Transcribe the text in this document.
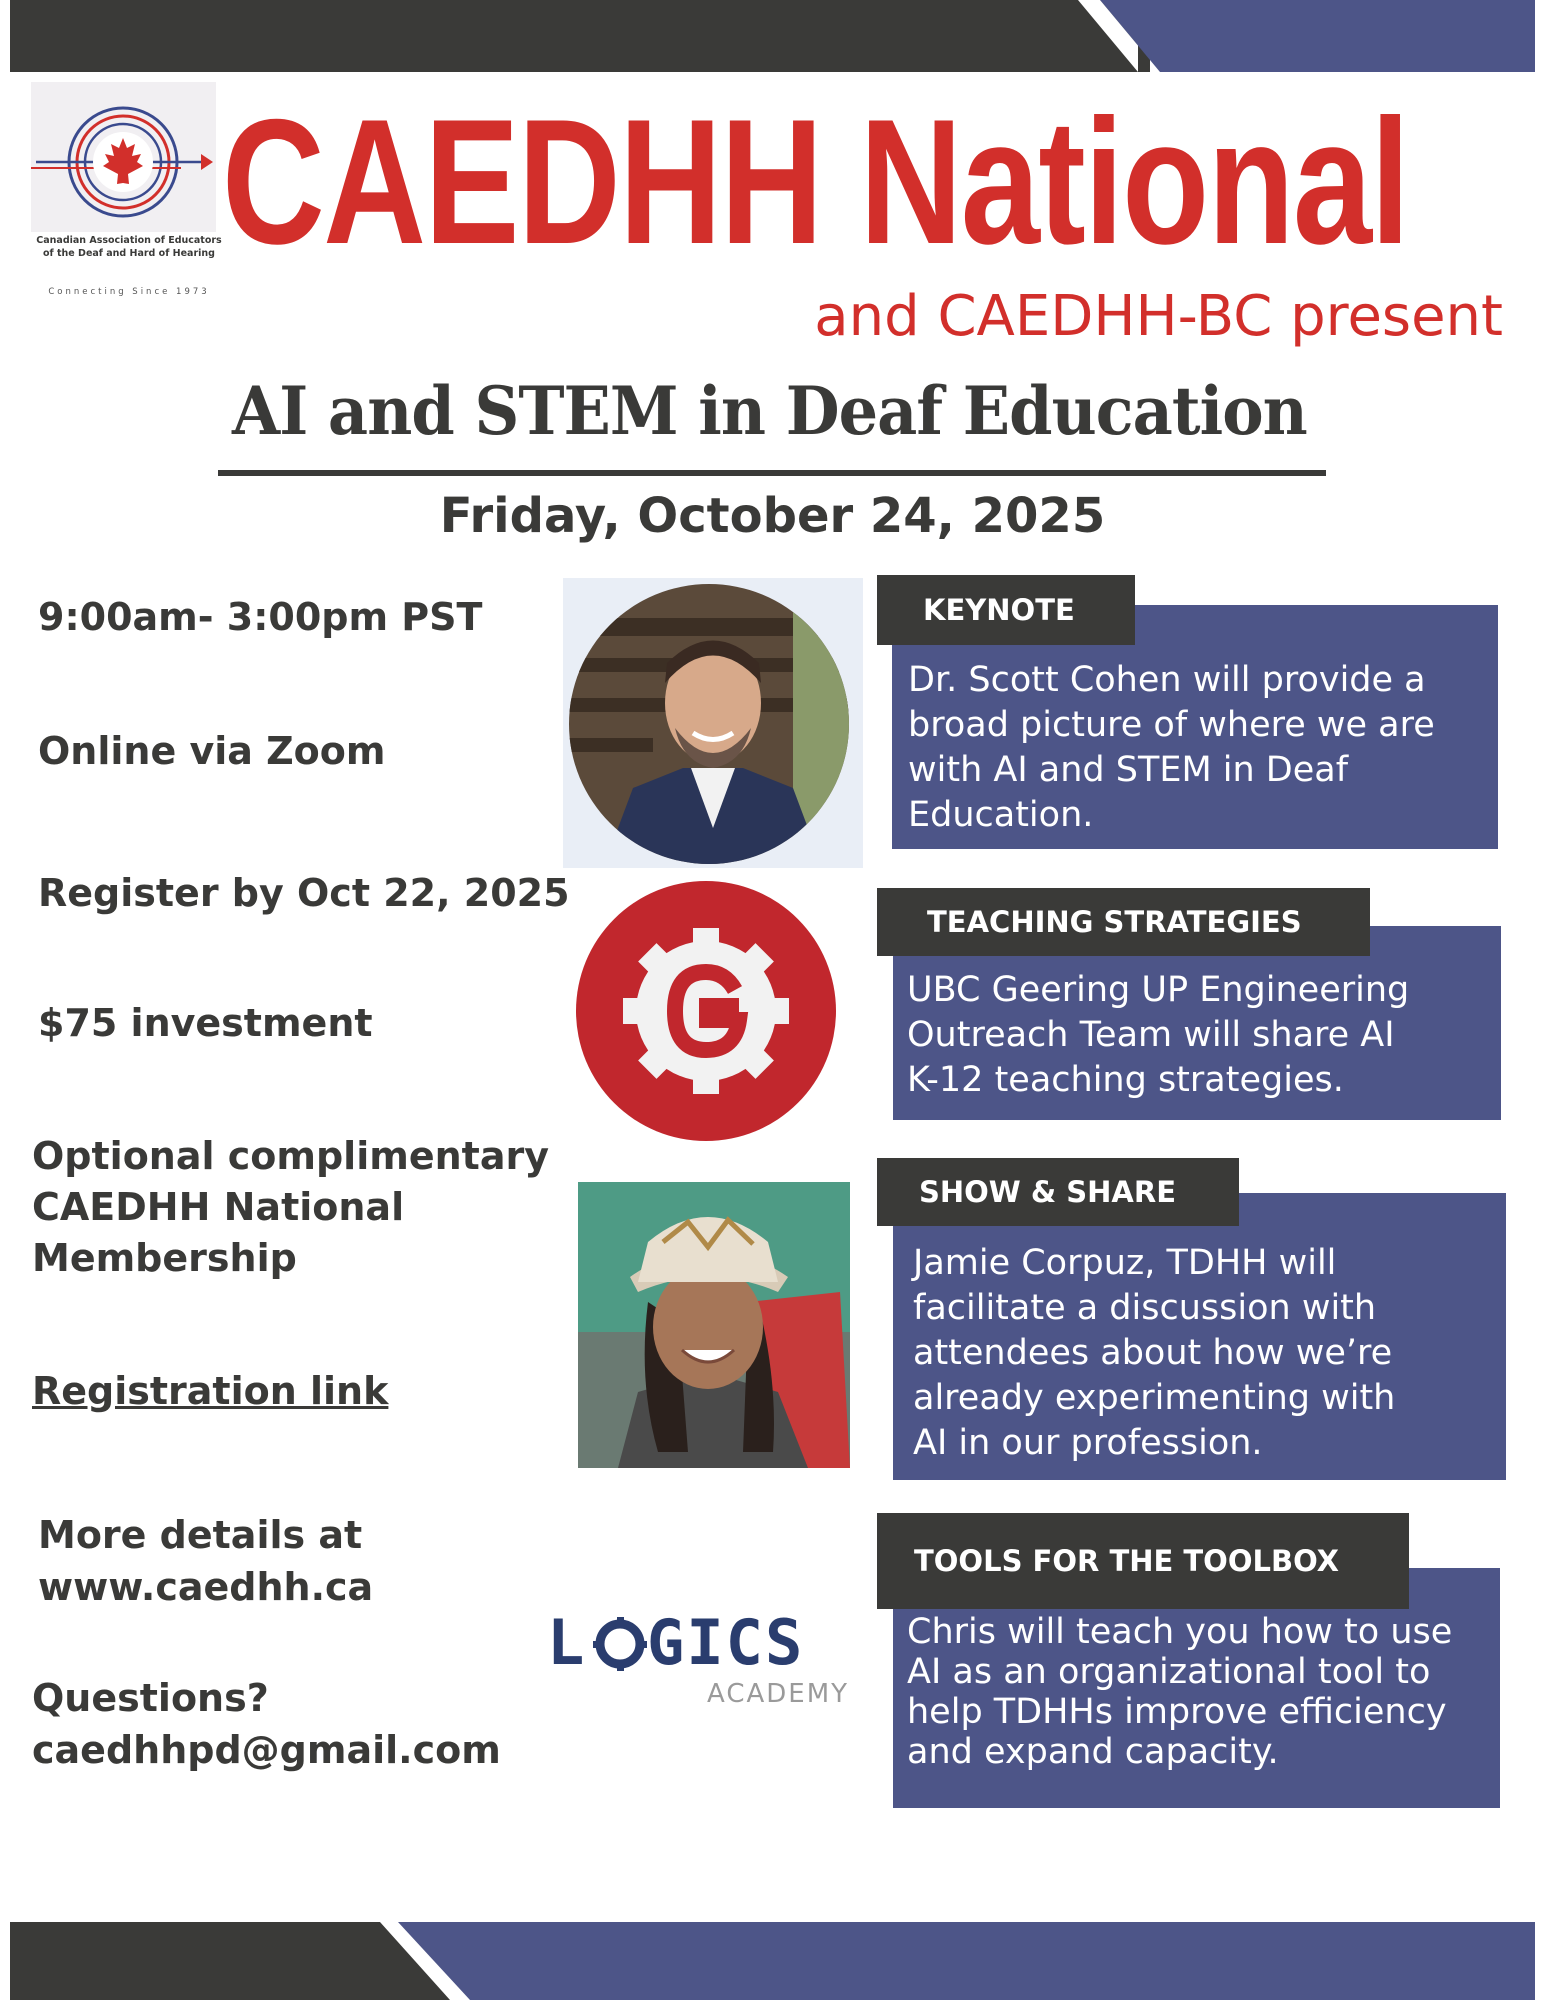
Canadian Association of Educators of the Deaf and Hard of Hearing
Connecting Since 1973
CAEDHH National
and CAEDHH-BC present
AI and STEM in Deaf Education
Friday, October 24, 2025
9:00am- 3:00pm PST
Online via Zoom
Register by Oct 22, 2025
$75 investment
Optional complimentary
CAEDHH National
Membership
Registration link
More details at
www.caedhh.ca
Questions?
caedhhpd@gmail.com
L GICS
ACADEMY
Dr. Scott Cohen will provide a
broad picture of where we are
with AI and STEM in Deaf
Education.
KEYNOTE
UBC Geering UP Engineering
Outreach Team will share AI
K-12 teaching strategies.
TEACHING STRATEGIES
Jamie Corpuz, TDHH will
facilitate a discussion with
attendees about how we’re
already experimenting with
AI in our profession.
SHOW & SHARE
Chris will teach you how to use
AI as an organizational tool to
help TDHHs improve efficiency
and expand capacity.
TOOLS FOR THE TOOLBOX
